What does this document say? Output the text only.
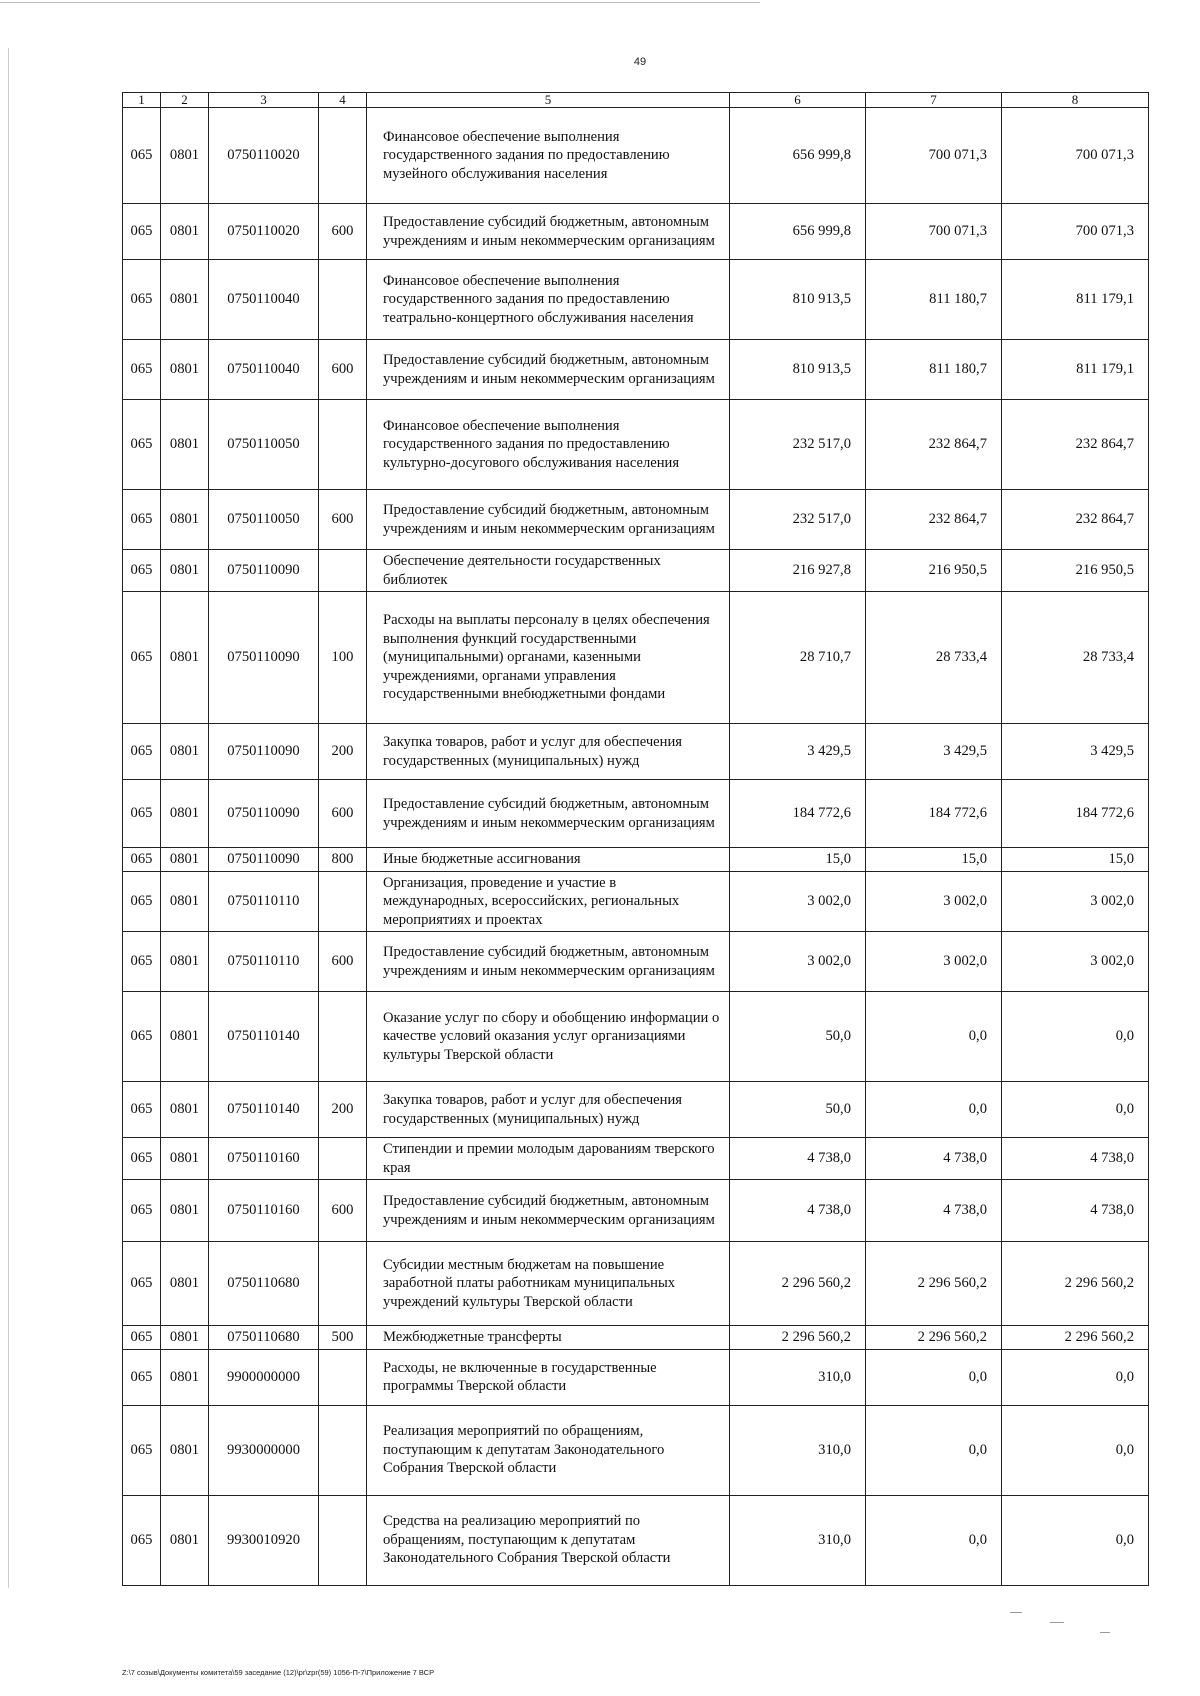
49
1	2	3	4	5	6	7	8
065	0801	0750110020		Финансовое обеспечение выполнения государственного задания по предоставлению музейного обслуживания населения	656 999,8	700 071,3	700 071,3
065	0801	0750110020	600	Предоставление субсидий бюджетным, автономным учреждениям и иным некоммерческим организациям	656 999,8	700 071,3	700 071,3
065	0801	0750110040		Финансовое обеспечение выполнения государственного задания по предоставлению театрально-концертного обслуживания населения	810 913,5	811 180,7	811 179,1
065	0801	0750110040	600	Предоставление субсидий бюджетным, автономным учреждениям и иным некоммерческим организациям	810 913,5	811 180,7	811 179,1
065	0801	0750110050		Финансовое обеспечение выполнения государственного задания по предоставлению культурно-досугового обслуживания населения	232 517,0	232 864,7	232 864,7
065	0801	0750110050	600	Предоставление субсидий бюджетным, автономным учреждениям и иным некоммерческим организациям	232 517,0	232 864,7	232 864,7
065	0801	0750110090		Обеспечение деятельности государственных библиотек	216 927,8	216 950,5	216 950,5
065	0801	0750110090	100	Расходы на выплаты персоналу в целях обеспечения выполнения функций государственными (муниципальными) органами, казенными учреждениями, органами управления государственными внебюджетными фондами	28 710,7	28 733,4	28 733,4
065	0801	0750110090	200	Закупка товаров, работ и услуг для обеспечения государственных (муниципальных) нужд	3 429,5	3 429,5	3 429,5
065	0801	0750110090	600	Предоставление субсидий бюджетным, автономным учреждениям и иным некоммерческим организациям	184 772,6	184 772,6	184 772,6
065	0801	0750110090	800	Иные бюджетные ассигнования	15,0	15,0	15,0
065	0801	0750110110		Организация, проведение и участие в международных, всероссийских, региональных мероприятиях и проектах	3 002,0	3 002,0	3 002,0
065	0801	0750110110	600	Предоставление субсидий бюджетным, автономным учреждениям и иным некоммерческим организациям	3 002,0	3 002,0	3 002,0
065	0801	0750110140		Оказание услуг по сбору и обобщению информации о качестве условий оказания услуг организациями культуры Тверской области	50,0	0,0	0,0
065	0801	0750110140	200	Закупка товаров, работ и услуг для обеспечения государственных (муниципальных) нужд	50,0	0,0	0,0
065	0801	0750110160		Стипендии и премии молодым дарованиям тверского края	4 738,0	4 738,0	4 738,0
065	0801	0750110160	600	Предоставление субсидий бюджетным, автономным учреждениям и иным некоммерческим организациям	4 738,0	4 738,0	4 738,0
065	0801	0750110680		Субсидии местным бюджетам на повышение заработной платы работникам муниципальных учреждений культуры Тверской области	2 296 560,2	2 296 560,2	2 296 560,2
065	0801	0750110680	500	Межбюджетные трансферты	2 296 560,2	2 296 560,2	2 296 560,2
065	0801	9900000000		Расходы, не включенные в государственные программы Тверской области	310,0	0,0	0,0
065	0801	9930000000		Реализация мероприятий по обращениям, поступающим к депутатам Законодательного Собрания Тверской области	310,0	0,0	0,0
065	0801	9930010920		Средства на реализацию мероприятий по обращениям, поступающим к депутатам Законодательного Собрания Тверской области	310,0	0,0	0,0
Z:\7 созыв\Документы комитета\59 заседание (12)\pr\zpr(59) 1056-П-7\Приложение 7 ВСР
